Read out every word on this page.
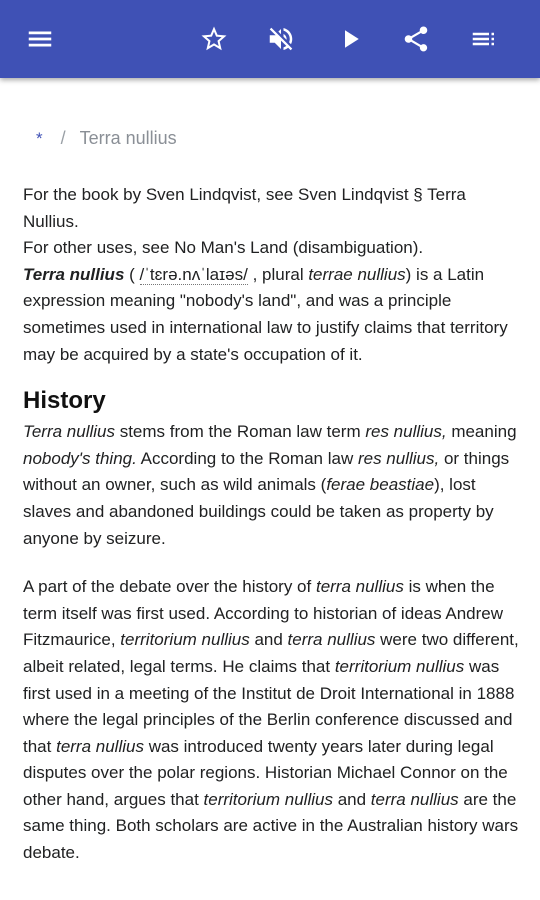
* / Terra nullius

For the book by Sven Lindqvist, see Sven Lindqvist § Terra Nullius.

For other uses, see No Man's Land (disambiguation).

Terra nullius ( /ˈtɛrə.nʌˈlaɪəs/ , plural terrae nullius) is a Latin expression meaning "nobody's land", and was a principle sometimes used in international law to justify claims that territory may be acquired by a state's occupation of it.

History

Terra nullius stems from the Roman law term res nullius, meaning nobody's thing. According to the Roman law res nullius, or things without an owner, such as wild animals (ferae beastiae), lost slaves and abandoned buildings could be taken as property by anyone by seizure.

A part of the debate over the history of terra nullius is when the term itself was first used. According to historian of ideas Andrew Fitzmaurice, territorium nullius and terra nullius were two different, albeit related, legal terms. He claims that territorium nullius was first used in a meeting of the Institut de Droit International in 1888 where the legal principles of the Berlin conference discussed and that terra nullius was introduced twenty years later during legal disputes over the polar regions. Historian Michael Connor on the other hand, argues that territorium nullius and terra nullius are the same thing. Both scholars are active in the Australian history wars debate.
